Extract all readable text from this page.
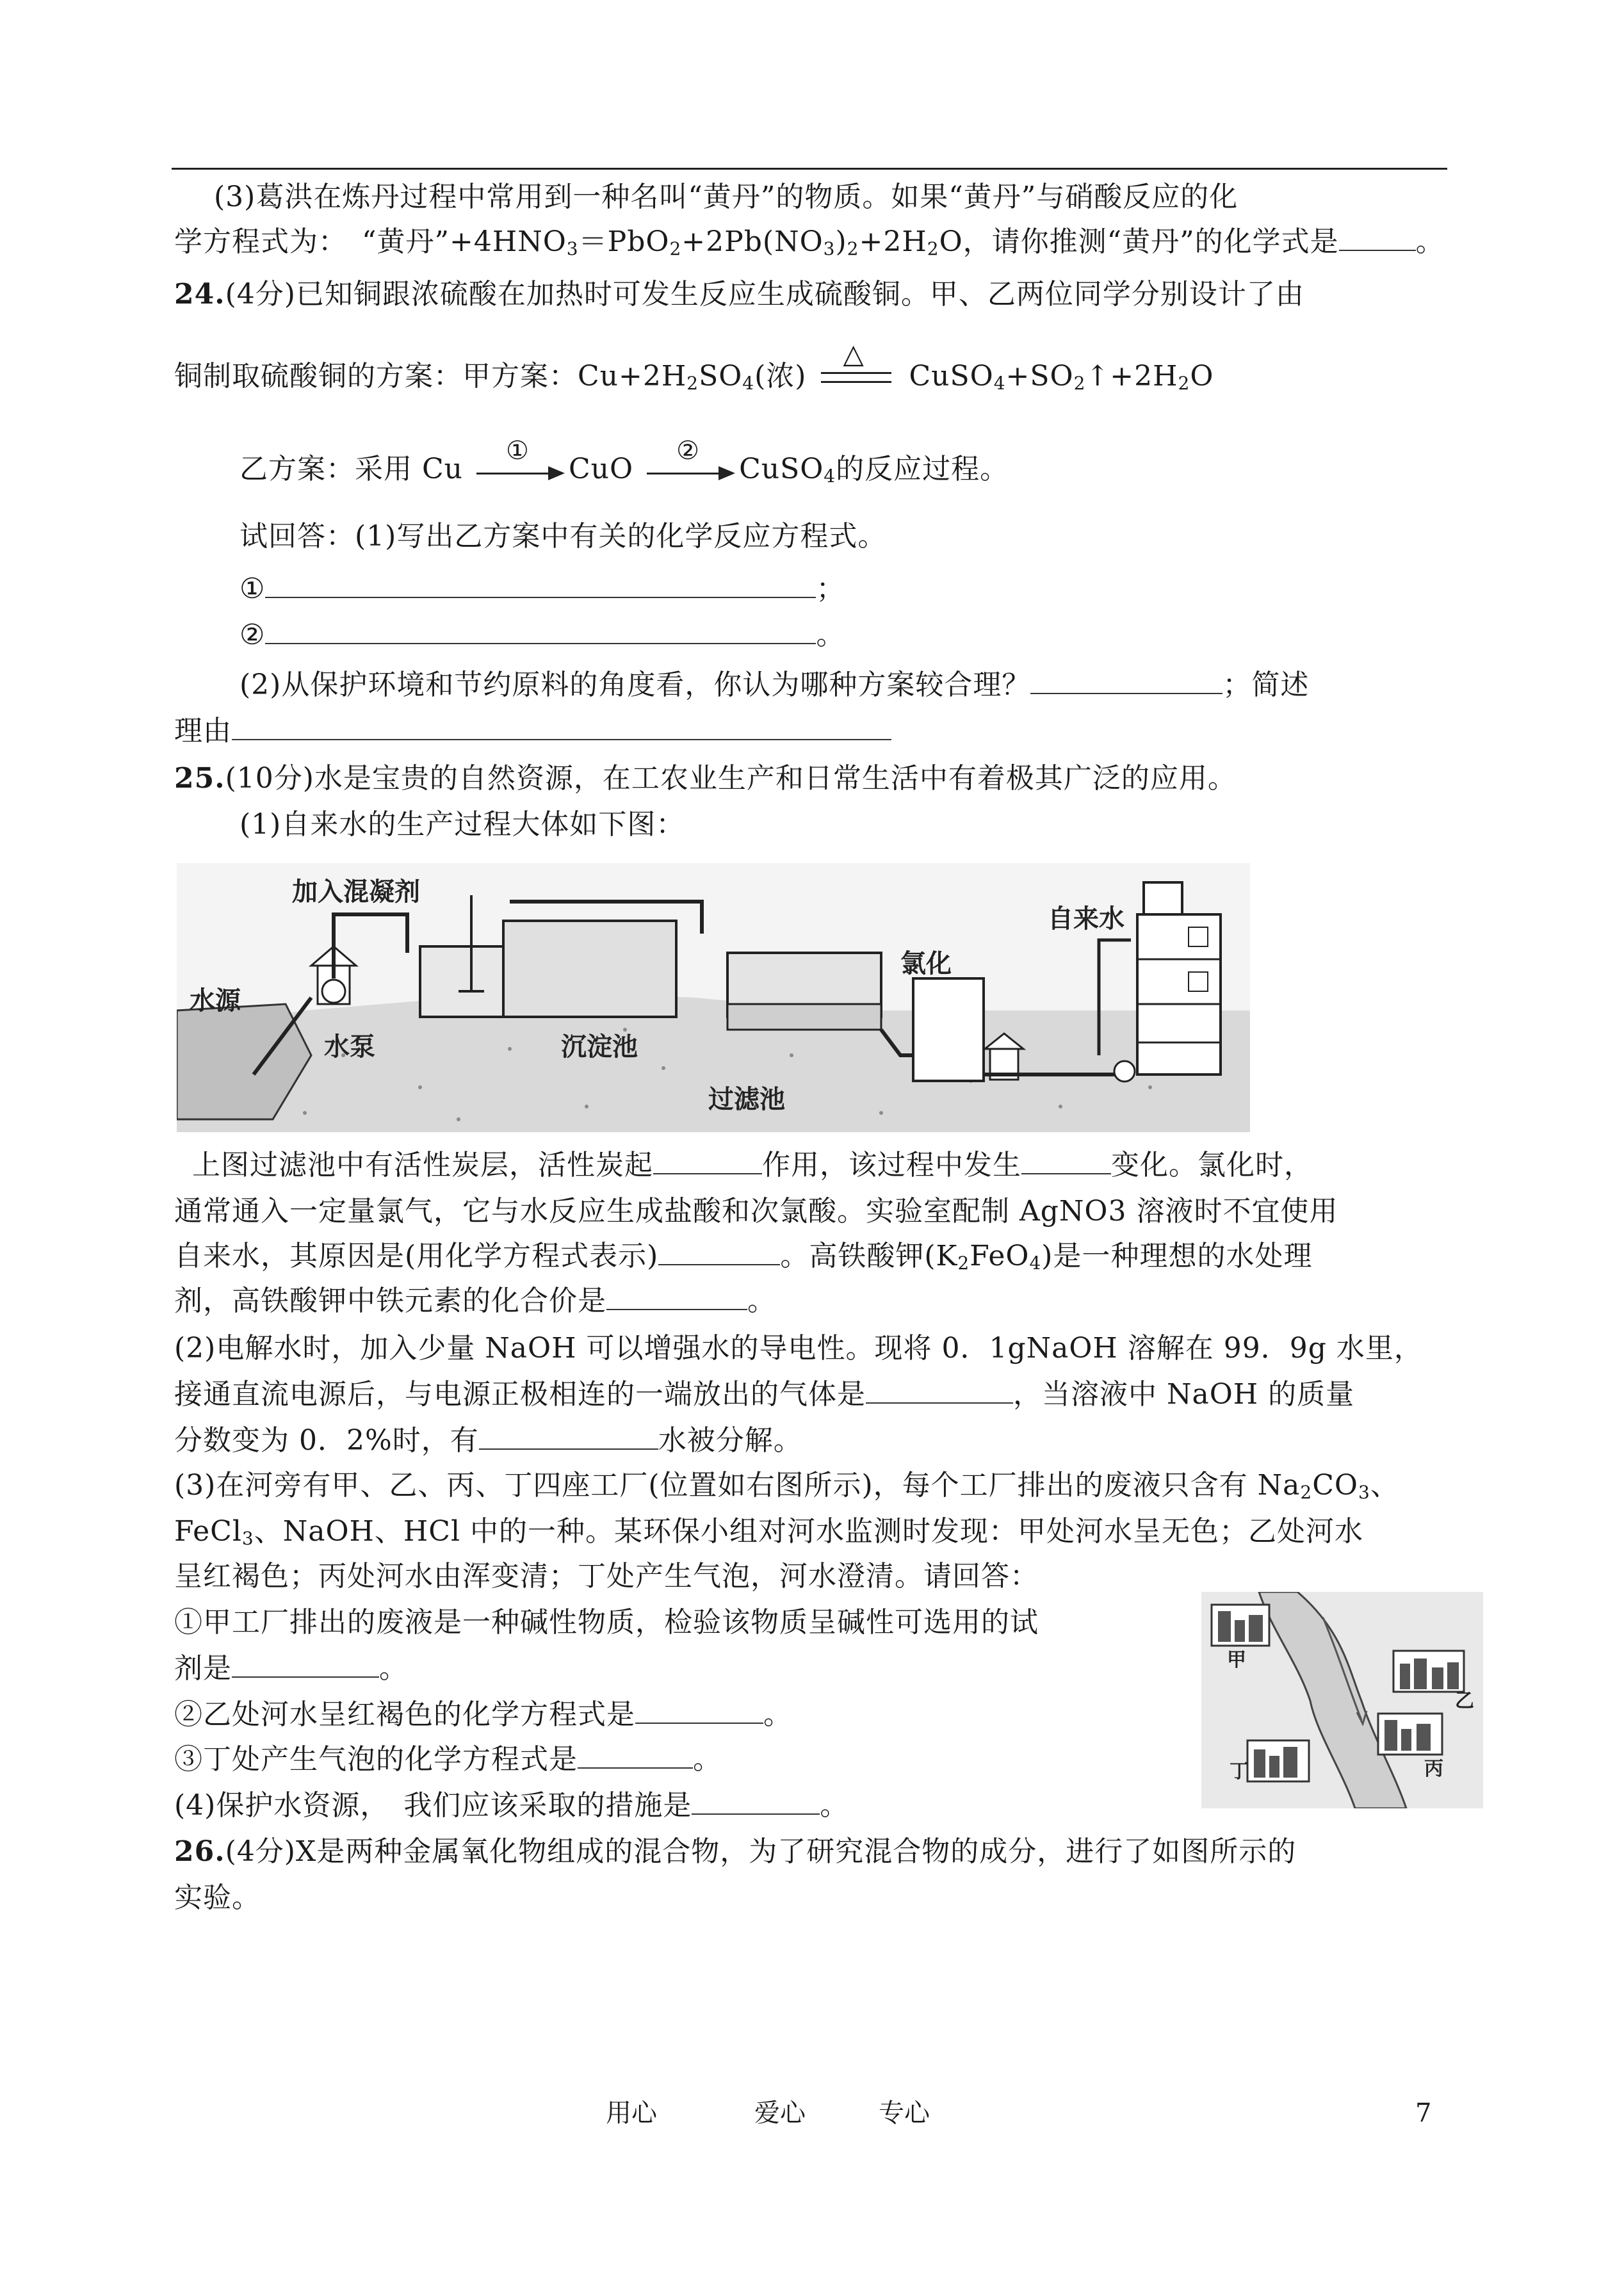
(3)葛洪在炼丹过程中常用到一种名叫“黄丹”的物质。如果“黄丹”与硝酸反应的化
学方程式为：　“黄丹$”+4HNO_3=PbO_2+2Pb(NO_3)_2+2H_2O$，请你推测“黄丹”的化学式是	。
24.(4分)已知铜跟浓硫酸在加热时可发生反应生成硫酸铜。甲、乙两位同学分别设计了由
铜制取硫酸铜的方案：甲方案：$Cu+2H_2SO_4$(浓)
△
$CuSO_4+SO_2↑+2H_2O$
乙方案：采用 Cu
①
CuO
②
CuSO$_4$的反应过程。
试回答：(1)写出乙方案中有关的化学反应方程式。
①	；
②	。
(2)从保护环境和节约原料的角度看，你认为哪种方案较合理？	；简述
理由
25.(10分)水是宝贵的自然资源，在工农业生产和日常生活中有着极其广泛的应用。
(1)自来水的生产过程大体如下图：
加入混凝剂
水源
水泵	沉淀池
过滤池
氯化
自来水
上图过滤池中有活性炭层，活性炭起	作用，该过程中发生	变化。氯化时，
通常通入一定量氯气，它与水反应生成盐酸和次氯酸。实验室配制 AgNO3 溶液时不宜使用
自来水，其原因是(用化学方程式表示)	。高铁酸钾$(K_2FeO_4)$是一种理想的水处理
剂，高铁酸钾中铁元素的化合价是	。
(2)电解水时，加入少量 NaOH 可以增强水的导电性。现将 0．1gNaOH 溶解在 99．9g 水里，
接通直流电源后，与电源正极相连的一端放出的气体是	，当溶液中 NaOH 的质量
分数变为 0．2%时，有	水被分解。
(3)在河旁有甲、乙、丙、丁四座工厂(位置如右图所示)，每个工厂排出的废液只含有 $Na_2CO_3$、
FeCl$_3$、NaOH、HCl 中的一种。某环保小组对河水监测时发现：甲处河水呈无色；乙处河水
呈红褐色；丙处河水由浑变清；丁处产生气泡，河水澄清。请回答：
①甲工厂排出的废液是一种碱性物质，检验该物质呈碱性可选用的试
剂是	。
②乙处河水呈红褐色的化学方程式是	。
③丁处产生气泡的化学方程式是	。
(4)保护水资源，　我们应该采取的措施是	。
甲
乙
丙
丁
26.(4分)X是两种金属氧化物组成的混合物，为了研究混合物的成分，进行了如图所示的
实验。
用心	爱心	专心	7
